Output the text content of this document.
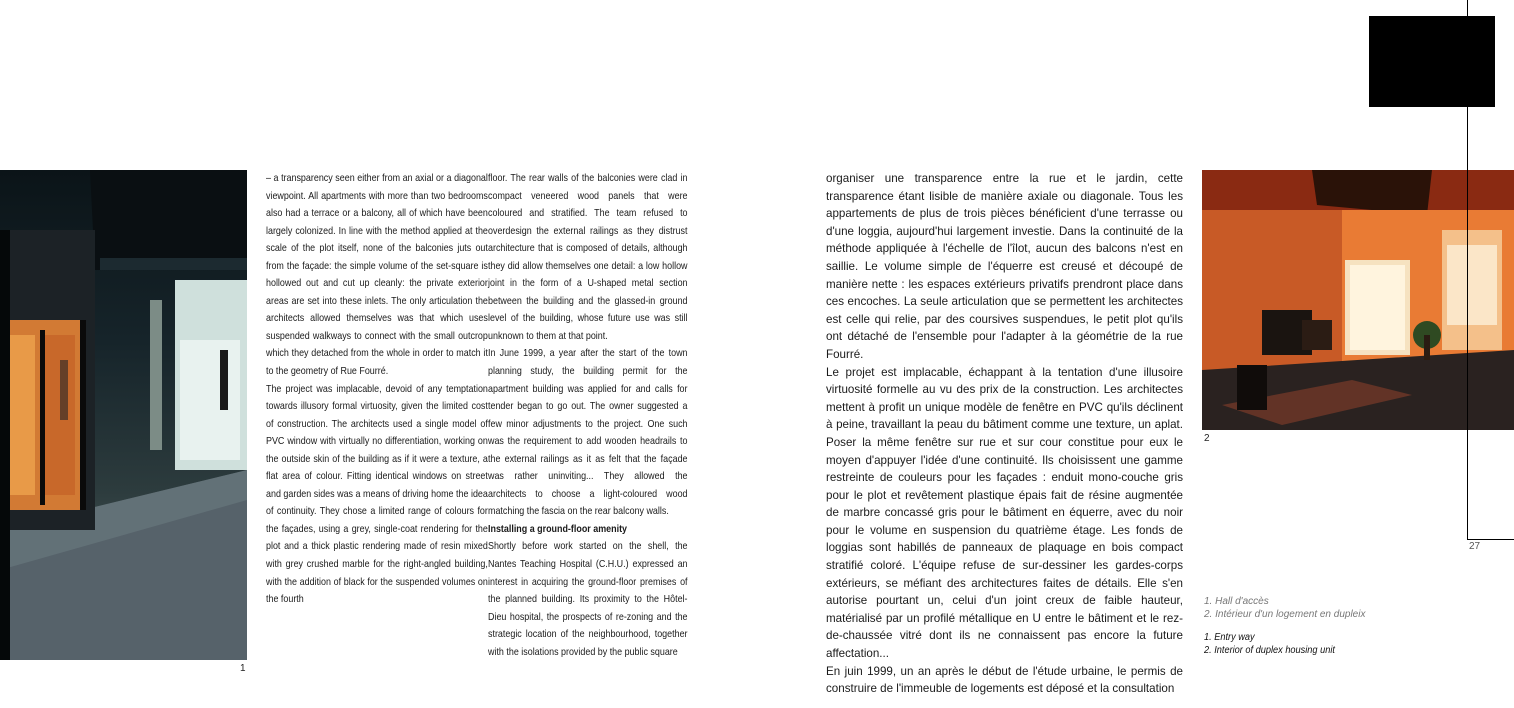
1

– a transparency seen either from an axial or a diagonal viewpoint. All apartments with more than two bedrooms also had a terrace or a balcony, all of which have been largely colonized. In line with the method applied at the scale of the plot itself, none of the balconies juts out from the façade: the simple volume of the set-square is hollowed out and cut up cleanly: the private exterior areas are set into these inlets. The only articulation the architects allowed themselves was that which uses suspended walkways to connect with the small outcrop which they detached from the whole in order to match it to the geometry of Rue Fourré.

The project was implacable, devoid of any temptation towards illusory formal virtuosity, given the limited cost of construction. The architects used a single model of PVC window with virtually no differentiation, working on the outside skin of the building as if it were a texture, a flat area of colour. Fitting identical windows on street and garden sides was a means of driving home the idea of continuity. They chose a limited range of colours for the façades, using a grey, single-coat rendering for the plot and a thick plastic rendering made of resin mixed with grey crushed marble for the right-angled building, with the addition of black for the suspended volumes on the fourth

floor. The rear walls of the balconies were clad in compact veneered wood panels that were coloured and stratified. The team refused to overdesign the external railings as they distrust architecture that is composed of details, although they did allow themselves one detail: a low hollow joint in the form of a U-shaped metal section between the building and the glassed-in ground level of the building, whose future use was still unknown to them at that point.

In June 1999, a year after the start of the town planning study, the building permit for the apartment building was applied for and calls for tender began to go out. The owner suggested a few minor adjustments to the project. One such was the requirement to add wooden headrails to the external railings as it as felt that the façade was rather uninviting... They allowed the architects to choose a light-coloured wood matching the fascia on the rear balcony walls.

Installing a ground-floor amenity

Shortly before work started on the shell, the Nantes Teaching Hospital (C.H.U.) expressed an interest in acquiring the ground-floor premises of the planned building. Its proximity to the Hôtel-Dieu hospital, the prospects of re-zoning and the strategic location of the neighbourhood, together with the isolations provided by the public square

organiser une transparence entre la rue et le jardin, cette transparence étant lisible de manière axiale ou diagonale. Tous les appartements de plus de trois pièces bénéficient d'une terrasse ou d'une loggia, aujourd'hui largement investie. Dans la continuité de la méthode appliquée à l'échelle de l'îlot, aucun des balcons n'est en saillie. Le volume simple de l'équerre est creusé et découpé de manière nette : les espaces extérieurs privatifs prendront place dans ces encoches. La seule articulation que se permettent les architectes est celle qui relie, par des coursives suspendues, le petit plot qu'ils ont détaché de l'ensemble pour l'adapter à la géométrie de la rue Fourré.

Le projet est implacable, échappant à la tentation d'une illusoire virtuosité formelle au vu des prix de la construction. Les architectes mettent à profit un unique modèle de fenêtre en PVC qu'ils déclinent à peine, travaillant la peau du bâtiment comme une texture, un aplat. Poser la même fenêtre sur rue et sur cour constitue pour eux le moyen d'appuyer l'idée d'une continuité. Ils choisissent une gamme restreinte de couleurs pour les façades : enduit mono-couche gris pour le plot et revêtement plastique épais fait de résine augmentée de marbre concassé gris pour le bâtiment en équerre, avec du noir pour le volume en suspension du quatrième étage. Les fonds de loggias sont habillés de panneaux de plaquage en bois compact stratifié coloré. L'équipe refuse de sur-dessiner les gardes-corps extérieurs, se méfiant des architectures faites de détails. Elle s'en autorise pourtant un, celui d'un joint creux de faible hauteur, matérialisé par un profilé métallique en U entre le bâtiment et le rez-de-chaussée vitré dont ils ne connaissent pas encore la future affectation...

En juin 1999, un an après le début de l'étude urbaine, le permis de construire de l'immeuble de logements est déposé et la consultation

2
27
1. Hall d'accès
2. Intérieur d'un logement en dupleix
1. Entry way
2. Interior of duplex housing unit
